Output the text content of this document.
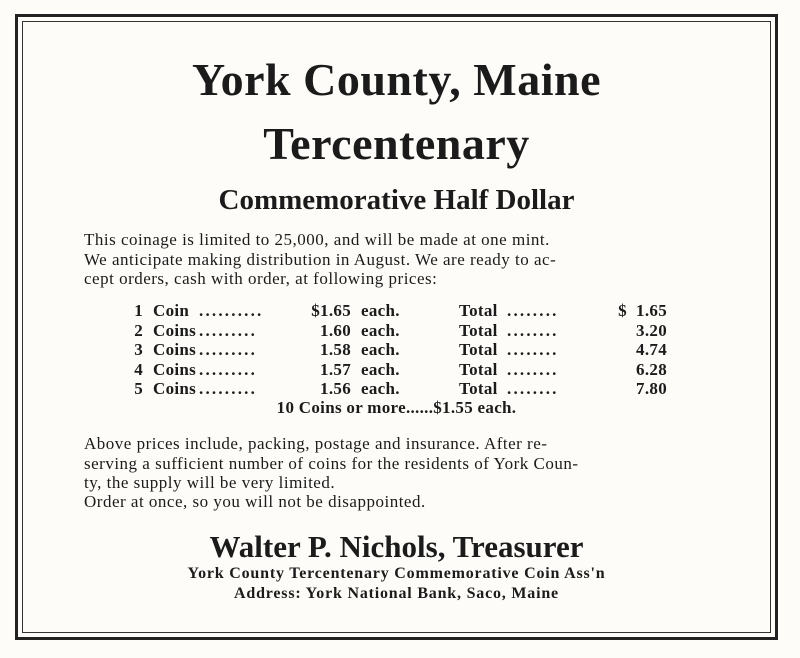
York County, Maine
Tercentenary
Commemorative Half Dollar

This coinage is limited to 25,000, and will be made at one mint.
We anticipate making distribution in August. We are ready to ac-
cept orders, cash with order, at following prices:

1 Coin ..........	$1.65 each.	Total ........	$  1.65
2 Coins .........	1.60 each.	Total ........	3.20
3 Coins .........	1.58 each.	Total ........	4.74
4 Coins .........	1.57 each.	Total ........	6.28
5 Coins .........	1.56 each.	Total ........	7.80
10 Coins or more......$1.55 each.

Above prices include, packing, postage and insurance. After re-
serving a sufficient number of coins for the residents of York Coun-
ty, the supply will be very limited.

Order at once, so you will not be disappointed.

Walter P. Nichols, Treasurer

York County Tercentenary Commemorative Coin Ass'n

Address: York National Bank, Saco, Maine
